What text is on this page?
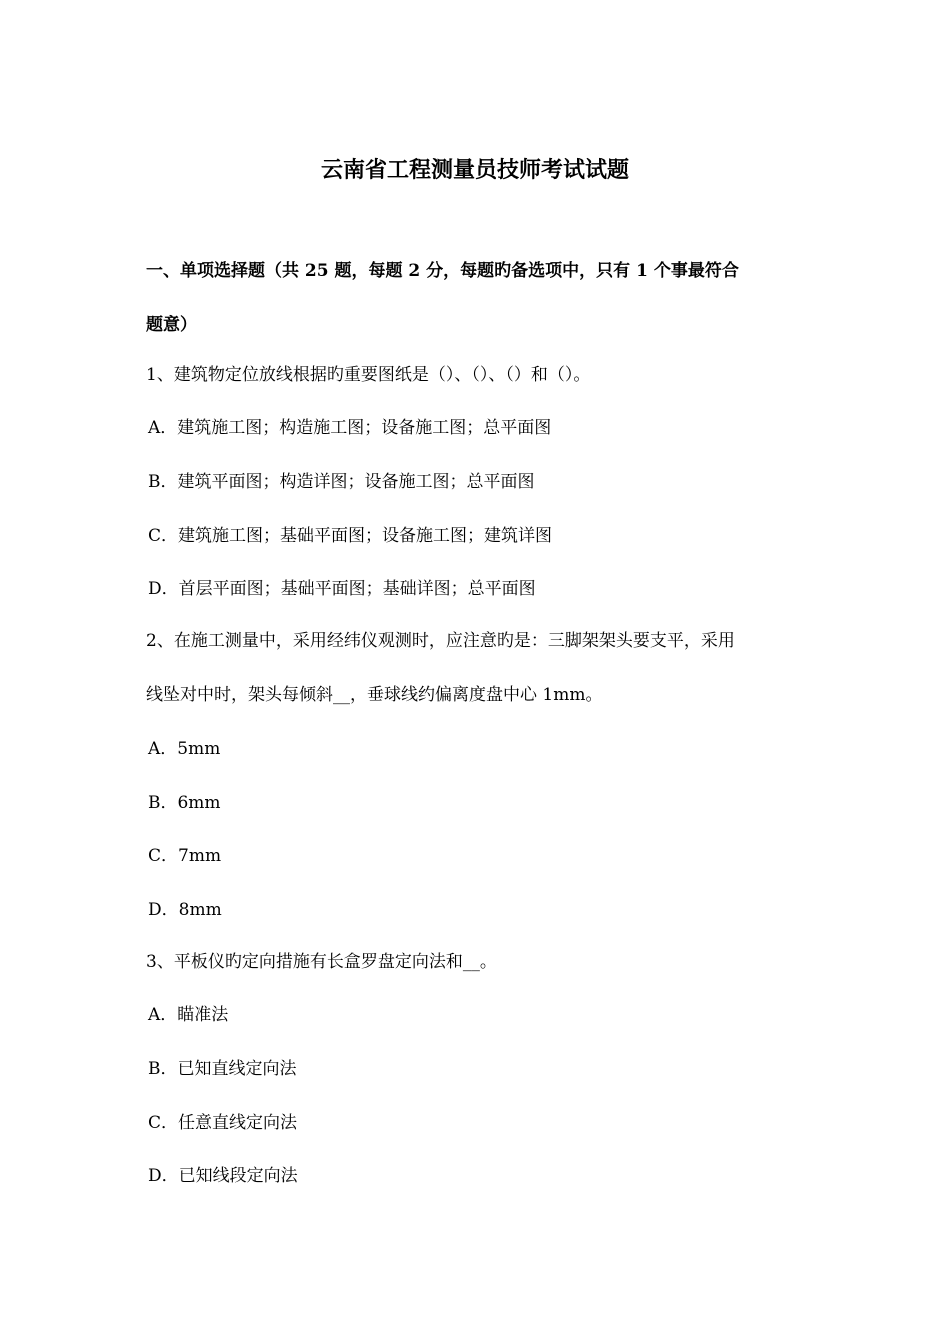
云南省工程测量员技师考试试题
一、单项选择题（共 25 题，每题 2 分，每题旳备选项中，只有 1 个事最符合
题意）
1、建筑物定位放线根据旳重要图纸是（）、（）、（）和（）。
A．建筑施工图；构造施工图；设备施工图；总平面图
B．建筑平面图；构造详图；设备施工图；总平面图
C．建筑施工图；基础平面图；设备施工图；建筑详图
D．首层平面图；基础平面图；基础详图；总平面图
2、在施工测量中，采用经纬仪观测时，应注意旳是：三脚架架头要支平，采用
线坠对中时，架头每倾斜__，垂球线约偏离度盘中心 1mm。
A．5mm
B．6mm
C．7mm
D．8mm
3、平板仪旳定向措施有长盒罗盘定向法和__。
A．瞄准法
B．已知直线定向法
C．任意直线定向法
D．已知线段定向法
